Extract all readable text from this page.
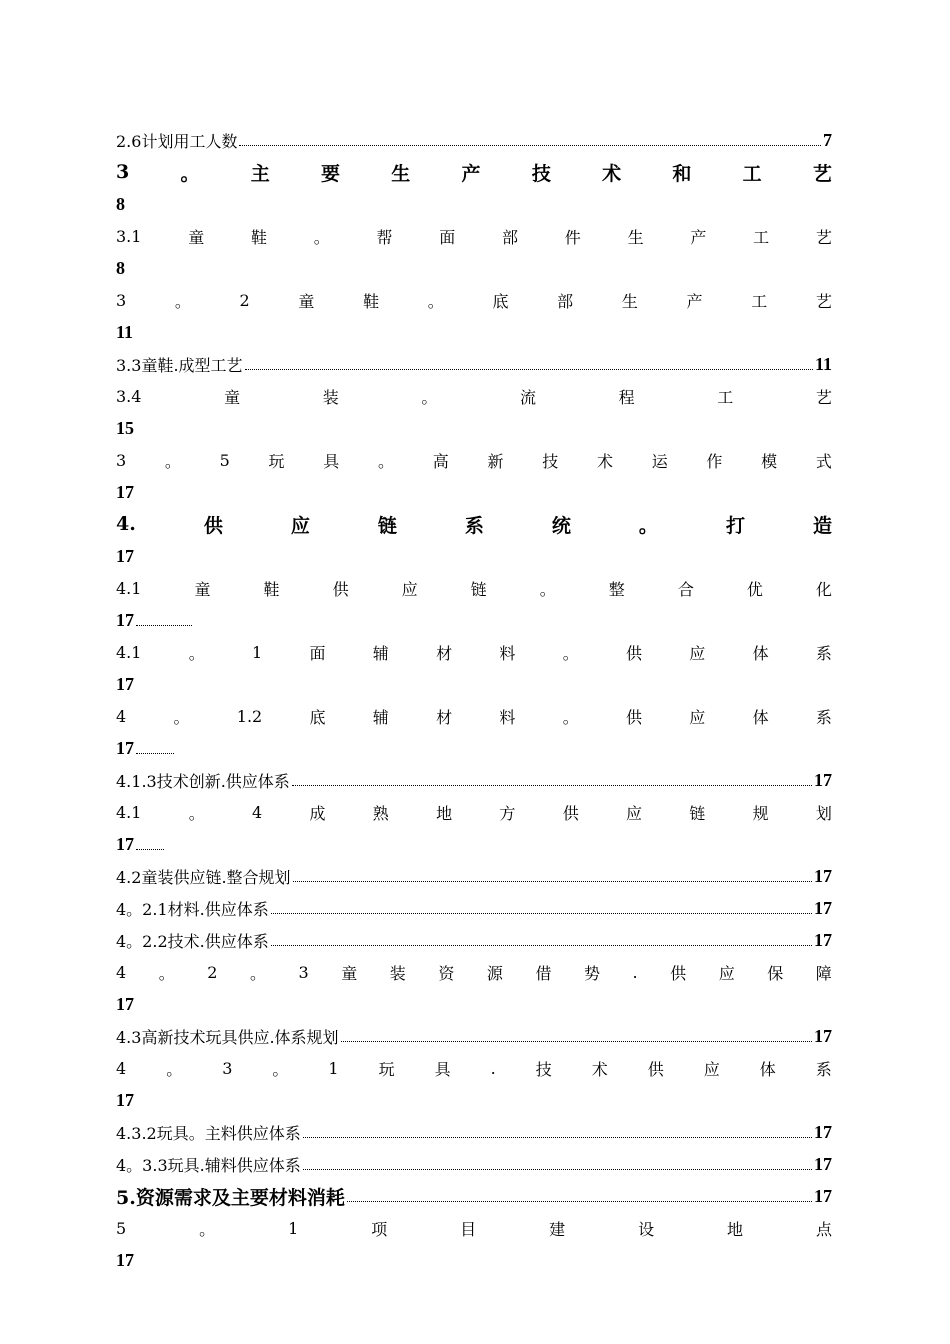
2.6计划用工人数	7
3	。	主	要	生	产	技	术	和	工	艺
8
3.1	童	鞋	。	帮	面	部	件	生	产	工	艺
8
3	。	2	童	鞋	。	底	部	生	产	工	艺
11
3.3童鞋.成型工艺	11
3.4	童	装	。	流	程	工	艺
15
3 。 5 玩 具 。 高 新 技 术 运 作 模 式
17
4.	供	应	链	系	统	。	打	造
17
4.1	童	鞋	供	应	链	。	整	合	优	化
17
4.1	。	1	面	辅	材	料	。	供	应	体	系
17
4	。	1.2	底	辅	材	料	。	供	应	体	系
17
4.1.3技术创新.供应体系	17
4.1	。	4	成	熟	地	方	供	应	链	规	划
17
4.2童装供应链.整合规划	17
4。2.1材料.供应体系	17
4。2.2技术.供应体系	17
4 。 2 。 3 童 装 资 源 借 势 . 供 应 保 障
17
4.3高新技术玩具供应.体系规划	17
4	。	3	。	1	玩	具	.	技	术	供	应	体	系
17
4.3.2玩具。主料供应体系	17
4。3.3玩具.辅料供应体系	17
5.资源需求及主要材料消耗	17
5	。	1	项	目	建	设	地	点
17
